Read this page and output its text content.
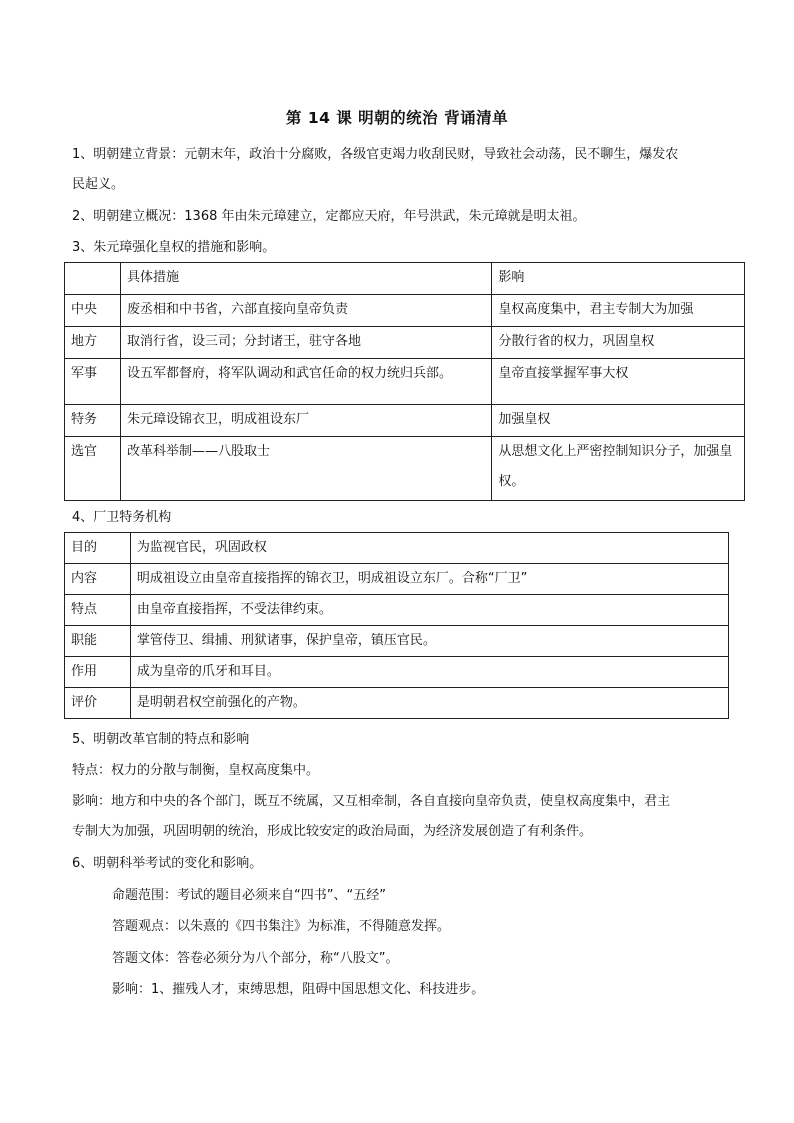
第 14 课 明朝的统治 背诵清单
1、明朝建立背景：元朝末年，政治十分腐败，各级官吏竭力收刮民财，导致社会动荡，民不聊生，爆发农
民起义。
2、明朝建立概况：1368 年由朱元璋建立，定都应天府，年号洪武，朱元璋就是明太祖。
3、朱元璋强化皇权的措施和影响。
	具体措施	影响
中央	废丞相和中书省，六部直接向皇帝负责	皇权高度集中，君主专制大为加强
地方	取消行省，设三司；分封诸王，驻守各地	分散行省的权力，巩固皇权
军事	设五军都督府，将军队调动和武官任命的权力统归兵部。	皇帝直接掌握军事大权
特务	朱元璋设锦衣卫，明成祖设东厂	加强皇权
选官	改革科举制——八股取士	从思想文化上严密控制知识分子，加强皇权。
4、厂卫特务机构
目的	为监视官民，巩固政权
内容	明成祖设立由皇帝直接指挥的锦衣卫，明成祖设立东厂。合称“厂卫”
特点	由皇帝直接指挥，不受法律约束。
职能	掌管侍卫、缉捕、刑狱诸事，保护皇帝，镇压官民。
作用	成为皇帝的爪牙和耳目。
评价	是明朝君权空前强化的产物。
5、明朝改革官制的特点和影响
特点：权力的分散与制衡，皇权高度集中。
影响：地方和中央的各个部门，既互不统属，又互相牵制，各自直接向皇帝负责，使皇权高度集中，君主
专制大为加强，巩固明朝的统治，形成比较安定的政治局面，为经济发展创造了有利条件。
6、明朝科举考试的变化和影响。
命题范围：考试的题目必须来自“四书”、“五经”
答题观点：以朱熹的《四书集注》为标准，不得随意发挥。
答题文体：答卷必须分为八个部分，称“八股文”。
影响：1、摧残人才，束缚思想，阻碍中国思想文化、科技进步。
